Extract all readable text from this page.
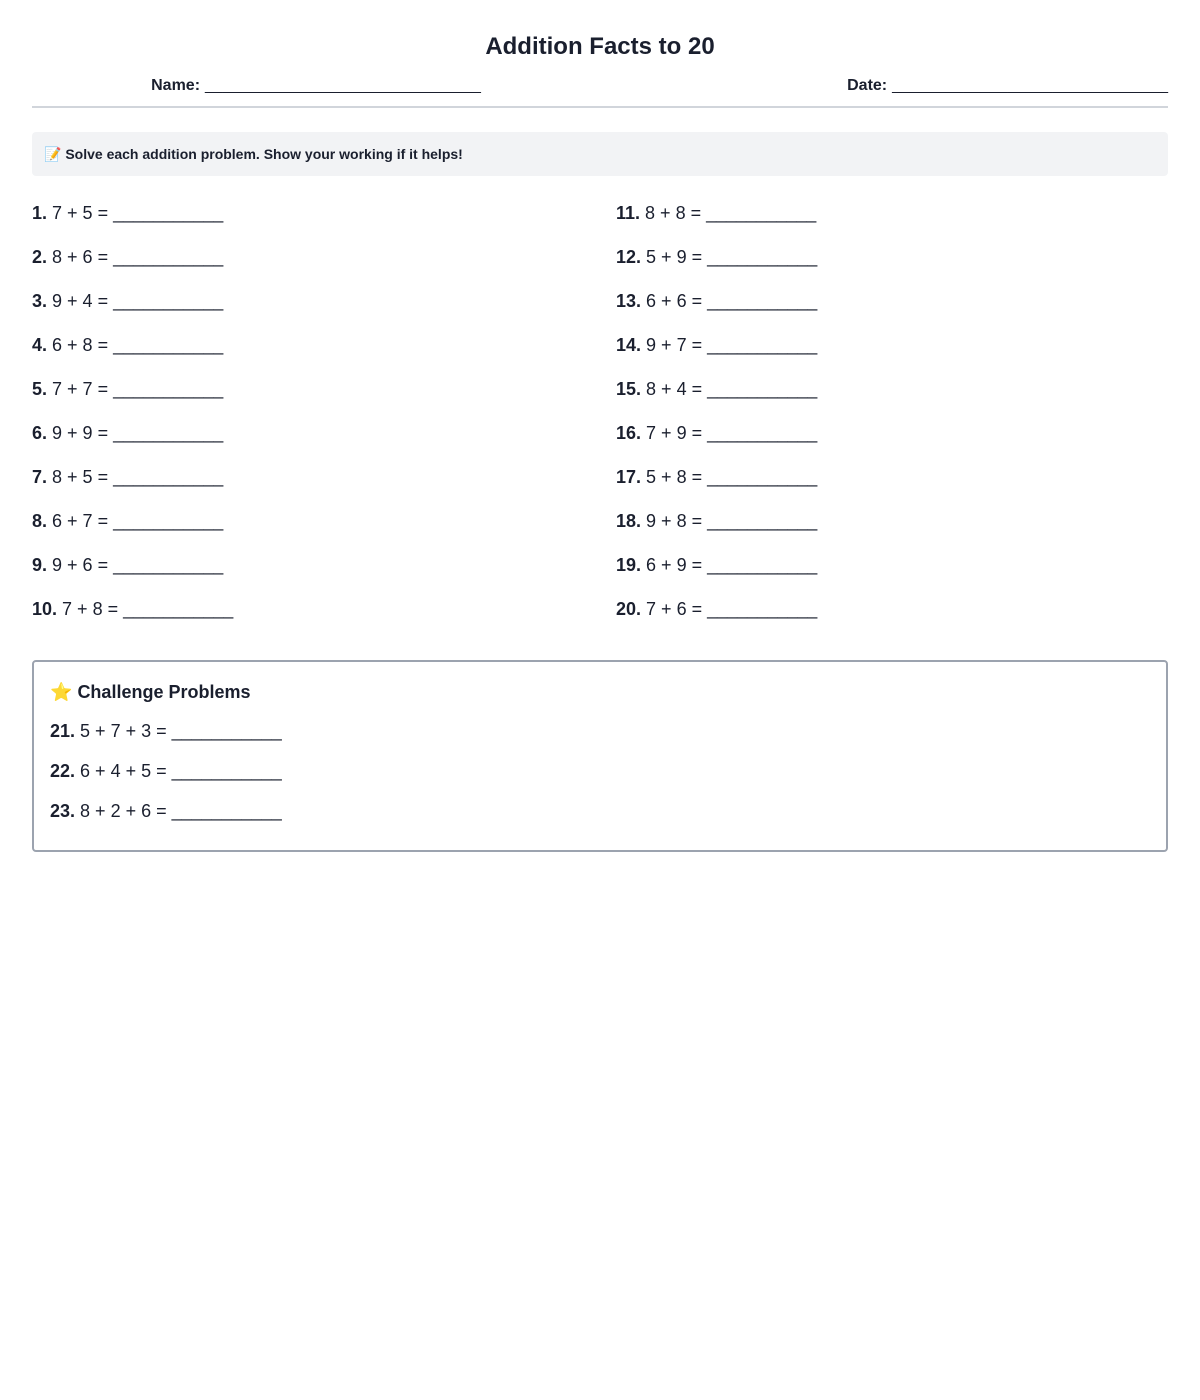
Addition Facts to 20
Name: _______________________________	Date: _______________________________
📝
Solve each addition problem. Show your working if it helps!
1. 7 + 5 = ___________	11. 8 + 8 = ___________
2. 8 + 6 = ___________	12. 5 + 9 = ___________
3. 9 + 4 = ___________	13. 6 + 6 = ___________
4. 6 + 8 = ___________	14. 9 + 7 = ___________
5. 7 + 7 = ___________	15. 8 + 4 = ___________
6. 9 + 9 = ___________	16. 7 + 9 = ___________
7. 8 + 5 = ___________	17. 5 + 8 = ___________
8. 6 + 7 = ___________	18. 9 + 8 = ___________
9. 9 + 6 = ___________	19. 6 + 9 = ___________
10. 7 + 8 = ___________	20. 7 + 6 = ___________
⭐ Challenge Problems
21. 5 + 7 + 3 = ___________
22. 6 + 4 + 5 = ___________
23. 8 + 2 + 6 = ___________
